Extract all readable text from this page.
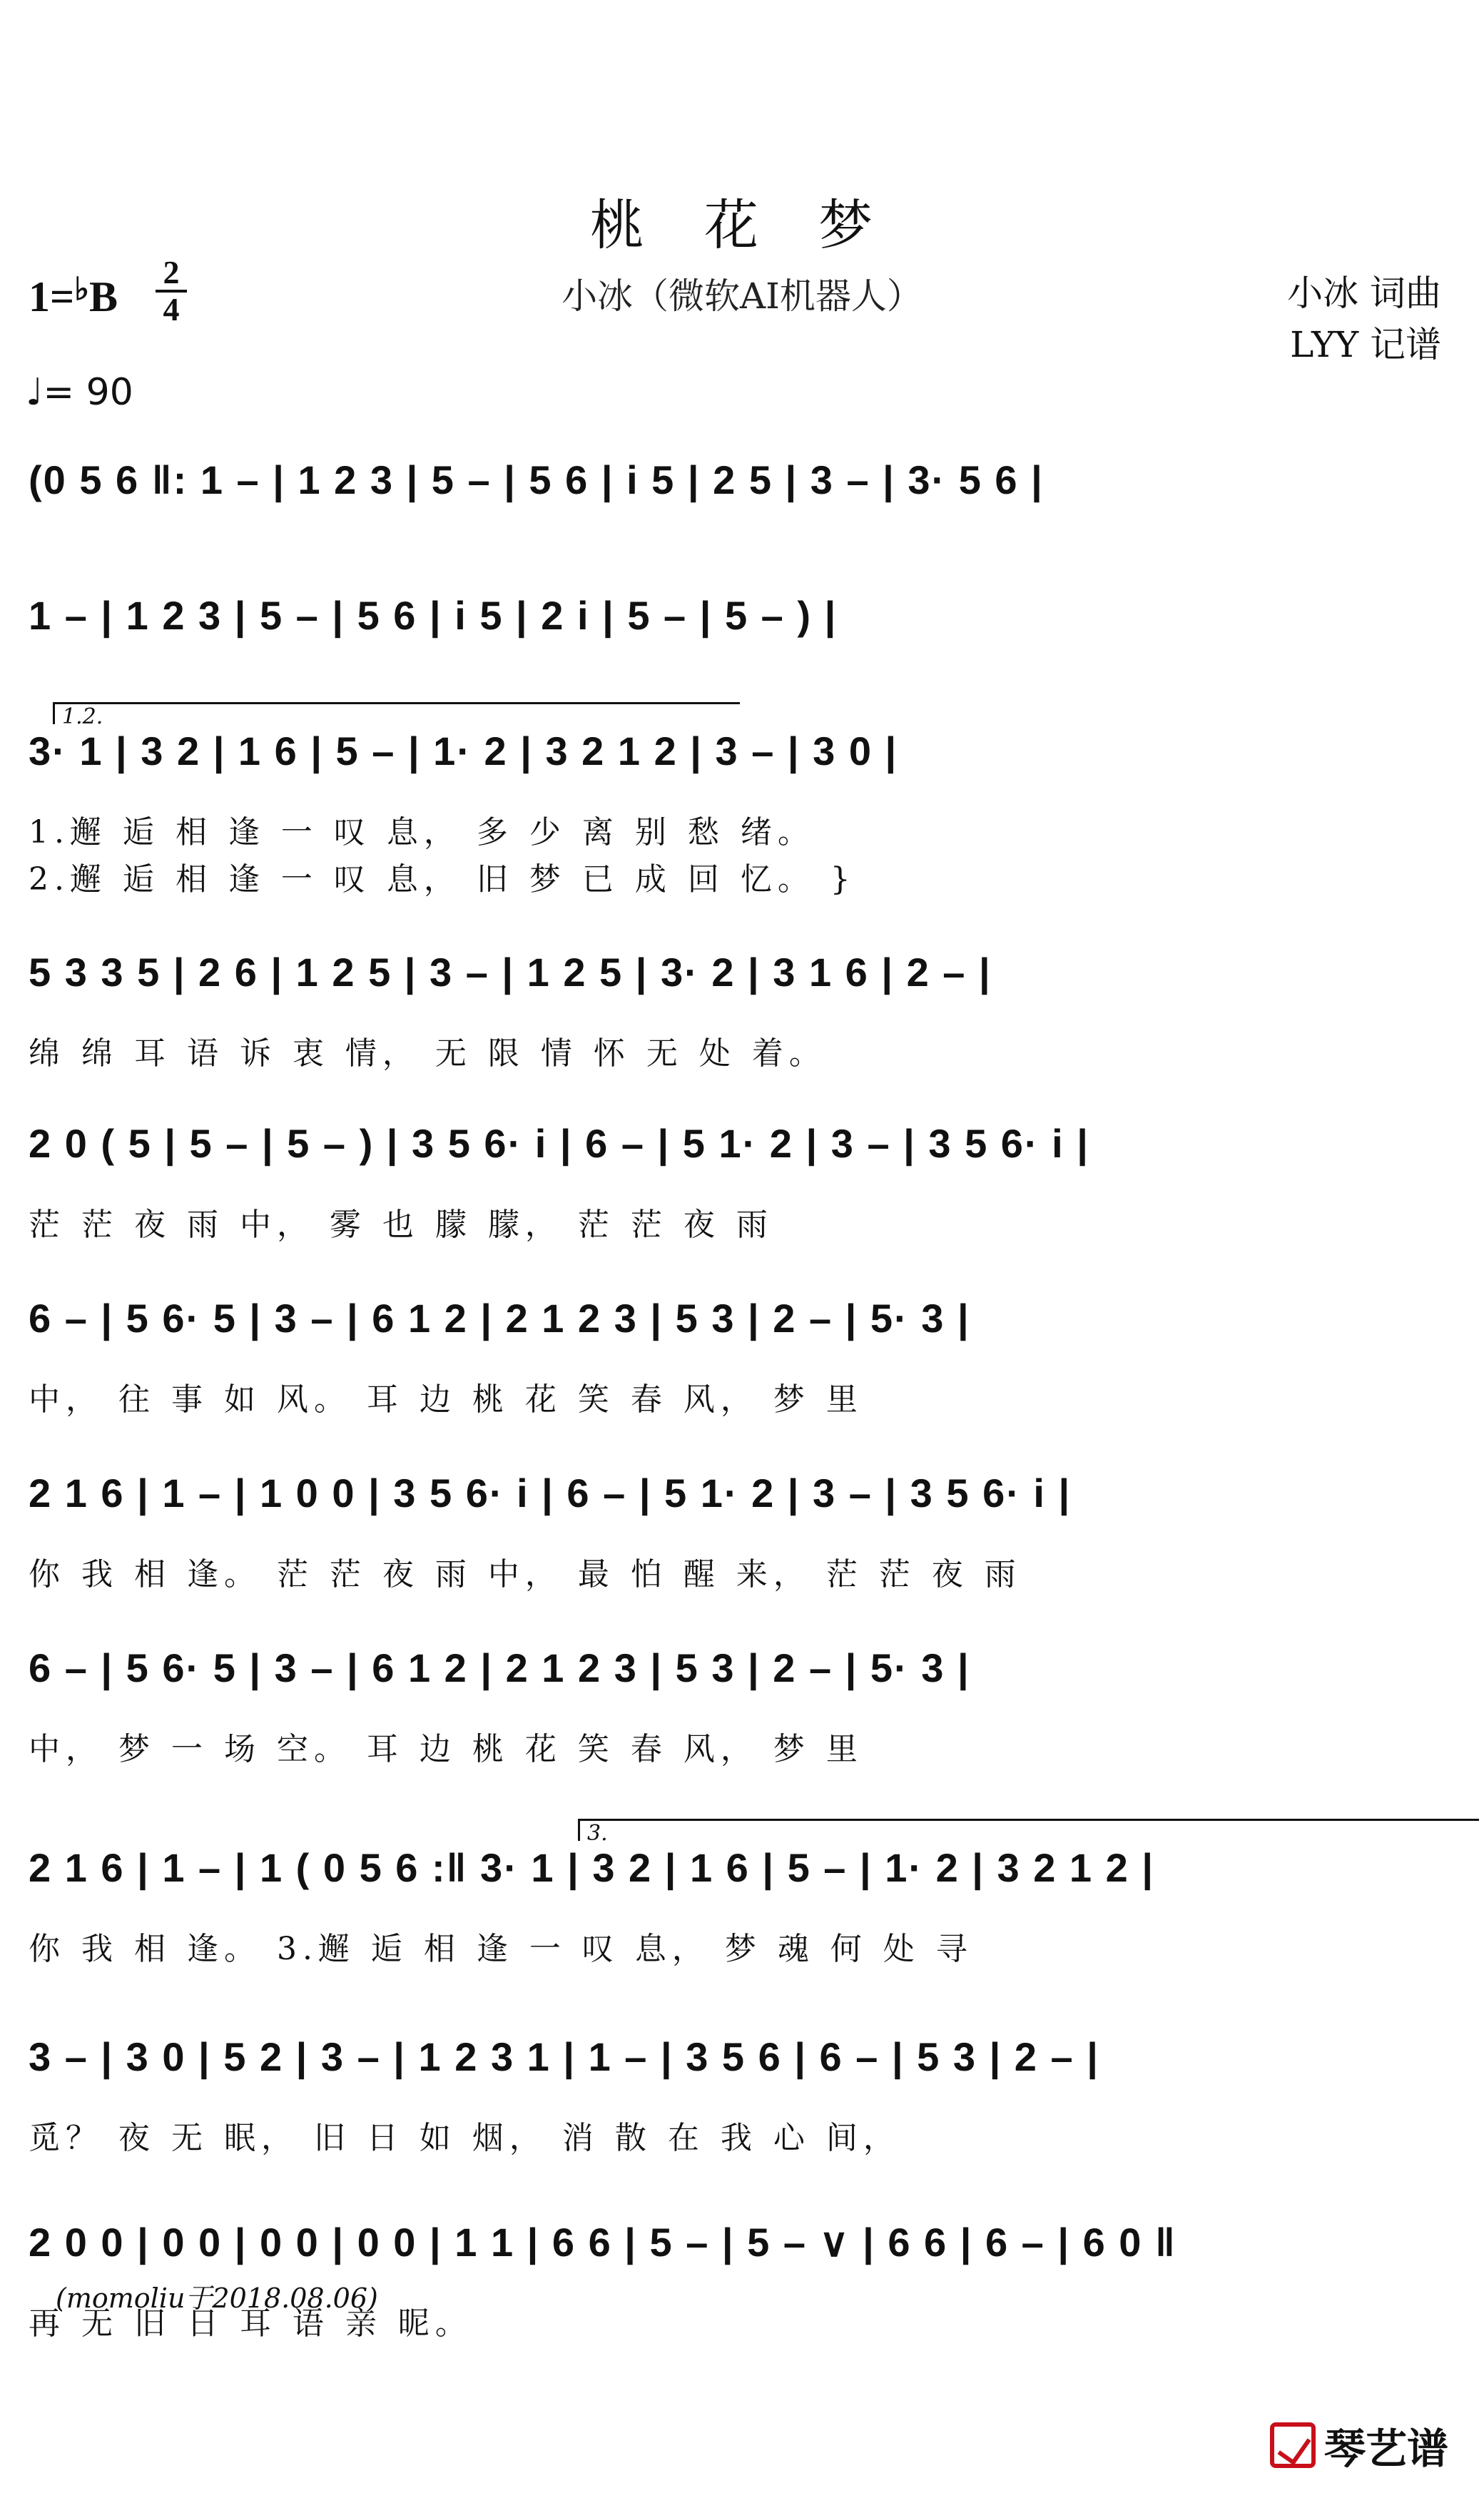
桃 花 梦
小冰（微软AI机器人）
1=♭B
2
4
♩= 90
小冰 词曲
LYY 记谱
(0 5 6 ‖: 1 – | 1 2 3 | 5 – | 5 6 | i 5 | 2 5 | 3 – | 3· 5 6 |
1 – | 1 2 3 | 5 – | 5 6 | i 5 | 2 i | 5 – | 5 – ) |
1.2.
3· 1 | 3 2 | 1 6 | 5 – | 1· 2 | 3 2 1 2 | 3 – | 3 0 |
1.邂 逅 相 逢 一 叹 息， 多 少 离 别 愁 绪。
2.邂 逅 相 逢 一 叹 息， 旧 梦 已 成 回 忆。 }
5 3 3 5 | 2 6 | 1 2 5 | 3 – | 1 2 5 | 3· 2 | 3 1 6 | 2 – |
绵 绵 耳 语 诉 衷 情， 无 限 情 怀 无 处 着。
2 0 ( 5 | 5 – | 5 – ) | 3 5 6· i | 6 – | 5 1· 2 | 3 – | 3 5 6· i |
茫 茫 夜 雨 中， 雾 也 朦 朦， 茫 茫 夜 雨
6 – | 5 6· 5 | 3 – | 6 1 2 | 2 1 2 3 | 5 3 | 2 – | 5· 3 |
中， 往 事 如 风。 耳 边 桃 花 笑 春 风， 梦 里
2 1 6 | 1 – | 1 0 0 | 3 5 6· i | 6 – | 5 1· 2 | 3 – | 3 5 6· i |
你 我 相 逢。 茫 茫 夜 雨 中， 最 怕 醒 来， 茫 茫 夜 雨
6 – | 5 6· 5 | 3 – | 6 1 2 | 2 1 2 3 | 5 3 | 2 – | 5· 3 |
中， 梦 一 场 空。 耳 边 桃 花 笑 春 风， 梦 里
3.
2 1 6 | 1 – | 1 ( 0 5 6 :‖ 3· 1 | 3 2 | 1 6 | 5 – | 1· 2 | 3 2 1 2 |
你 我 相 逢。 3.邂 逅 相 逢 一 叹 息， 梦 魂 何 处 寻
3 – | 3 0 | 5 2 | 3 – | 1 2 3 1 | 1 – | 3 5 6 | 6 – | 5 3 | 2 – |
觅？ 夜 无 眠， 旧 日 如 烟， 消 散 在 我 心 间，
2 0 0 | 0 0 | 0 0 | 0 0 | 1 1 | 6 6 | 5 – | 5 – ∨ | 6 6 | 6 – | 6 0 ‖
再 无 旧 日 耳 语 亲 昵。
(momoliu于2018.08.06)
琴艺谱
